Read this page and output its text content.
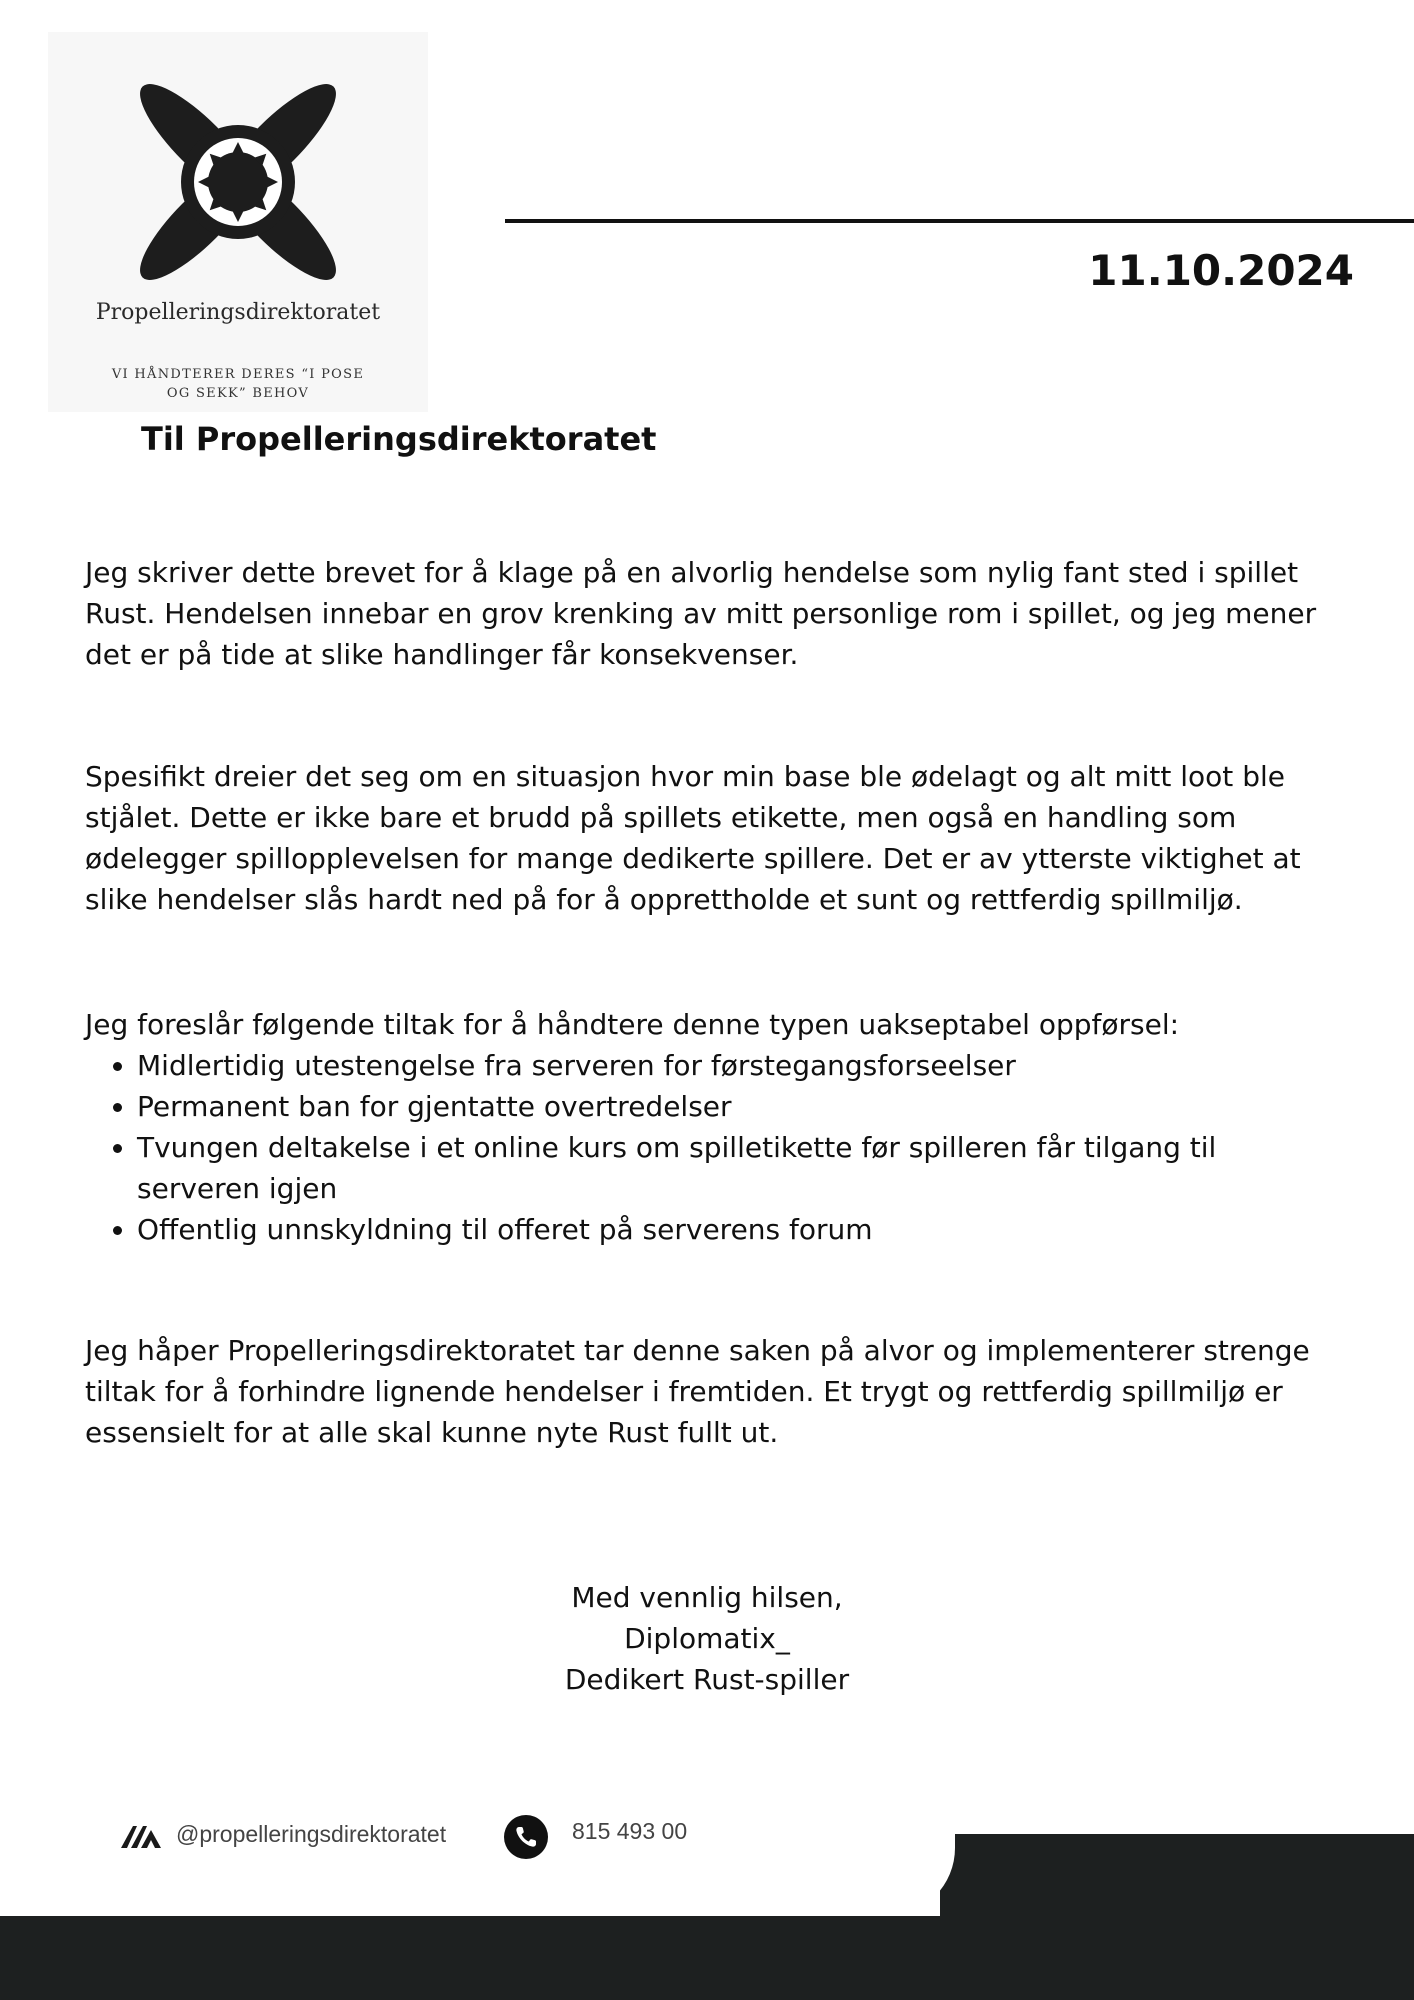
Propelleringsdirektoratet
VI HÅNDTERER DERES “I POSE OG SEKK” BEHOV
11.10.2024
Til Propelleringsdirektoratet

Jeg skriver dette brevet for å klage på en alvorlig hendelse som nylig fant sted i spillet Rust. Hendelsen innebar en grov krenking av mitt personlige rom i spillet, og jeg mener det er på tide at slike handlinger får konsekvenser.

Spesifikt dreier det seg om en situasjon hvor min base ble ødelagt og alt mitt loot ble stjålet. Dette er ikke bare et brudd på spillets etikette, men også en handling som ødelegger spillopplevelsen for mange dedikerte spillere. Det er av ytterste viktighet at slike hendelser slås hardt ned på for å opprettholde et sunt og rettferdig spillmiljø.

Jeg foreslår følgende tiltak for å håndtere denne typen uakseptabel oppførsel:

• Midlertidig utestengelse fra serveren for førstegangsforseelser
• Permanent ban for gjentatte overtredelser
• Tvungen deltakelse i et online kurs om spilletikette før spilleren får tilgang til serveren igjen
• Offentlig unnskyldning til offeret på serverens forum

Jeg håper Propelleringsdirektoratet tar denne saken på alvor og implementerer strenge tiltak for å forhindre lignende hendelser i fremtiden. Et trygt og rettferdig spillmiljø er essensielt for at alle skal kunne nyte Rust fullt ut.

Med vennlig hilsen,
Diplomatix_
Dedikert Rust-spiller
@propelleringsdirektoratet	815 493 00
